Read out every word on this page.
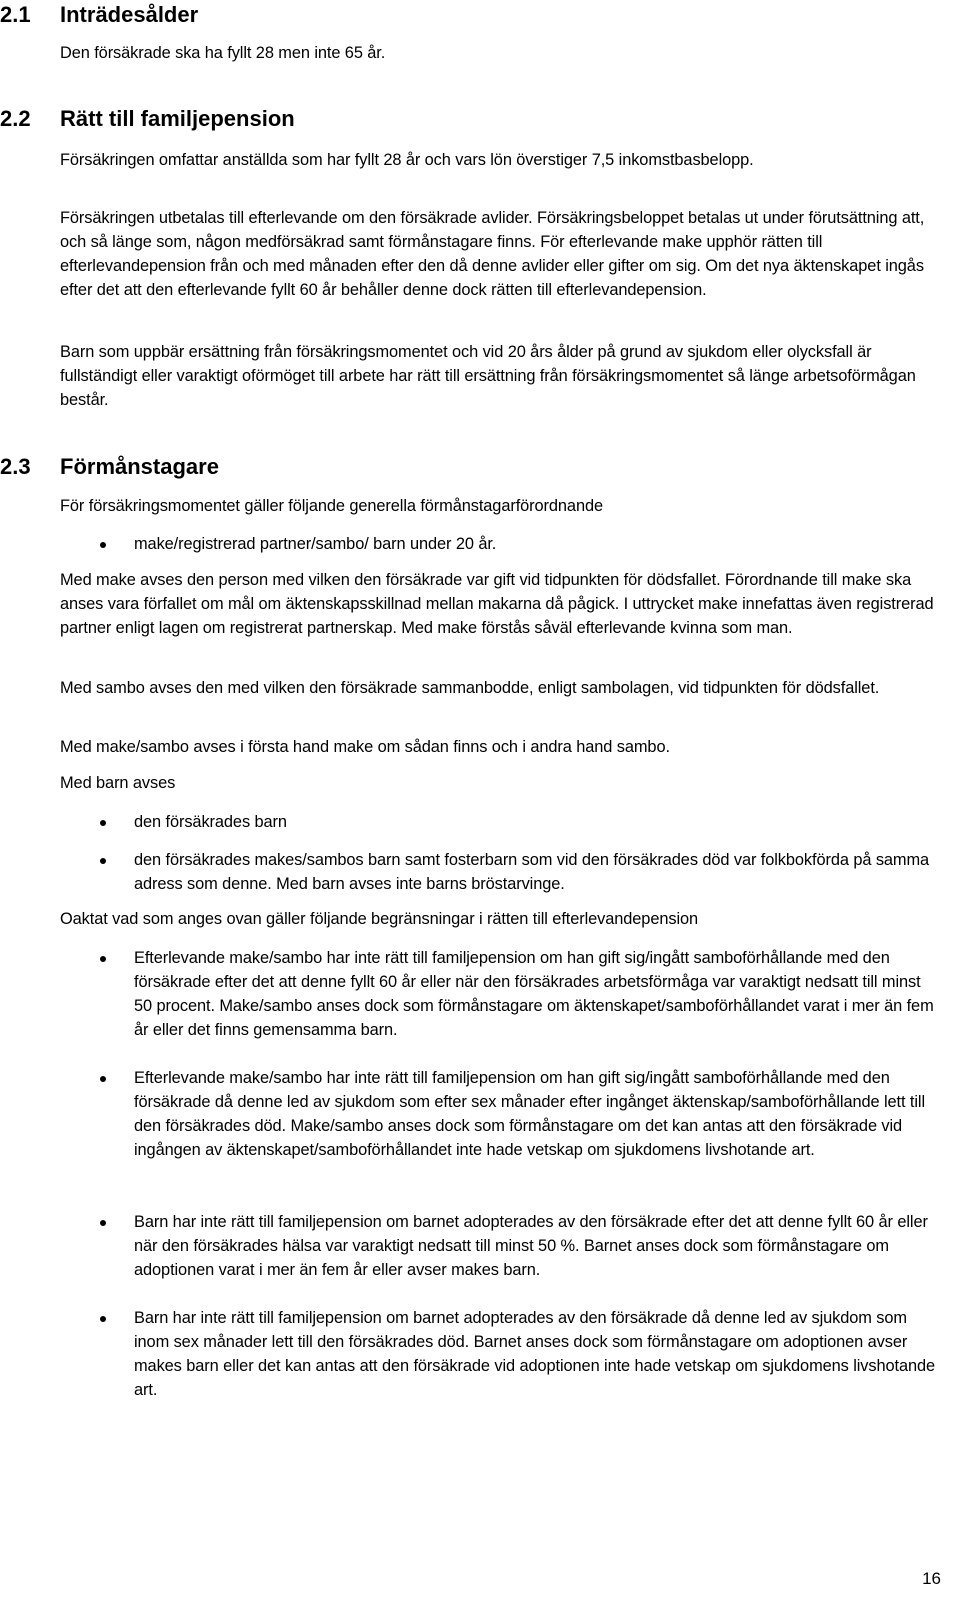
2.1 Inträdesålder

Den försäkrade ska ha fyllt 28 men inte 65 år.

2.2 Rätt till familjepension

Försäkringen omfattar anställda som har fyllt 28 år och vars lön överstiger 7,5 inkomstbasbelopp.

Försäkringen utbetalas till efterlevande om den försäkrade avlider. Försäkringsbeloppet betalas ut under förutsättning att, och så länge som, någon medförsäkrad samt förmånstagare finns. För efterlevande make upphör rätten till efterlevandepension från och med månaden efter den då denne avlider eller gifter om sig. Om det nya äktenskapet ingås efter det att den efterlevande fyllt 60 år behåller denne dock rätten till efterlevandepension.

Barn som uppbär ersättning från försäkringsmomentet och vid 20 års ålder på grund av sjukdom eller olycksfall är fullständigt eller varaktigt oförmöget till arbete har rätt till ersättning från försäkringsmomentet så länge arbetsoförmågan består.

2.3 Förmånstagare

För försäkringsmomentet gäller följande generella förmånstagarförordnande

make/registrerad partner/sambo/ barn under 20 år.

Med make avses den person med vilken den försäkrade var gift vid tidpunkten för dödsfallet. Förordnande till make ska anses vara förfallet om mål om äktenskapsskillnad mellan makarna då pågick. I uttrycket make innefattas även registrerad partner enligt lagen om registrerat partnerskap. Med make förstås såväl efterlevande kvinna som man.

Med sambo avses den med vilken den försäkrade sammanbodde, enligt sambolagen, vid tidpunkten för dödsfallet.

Med make/sambo avses i första hand make om sådan finns och i andra hand sambo.

Med barn avses

den försäkrades barn

den försäkrades makes/sambos barn samt fosterbarn som vid den försäkrades död var folkbokförda på samma adress som denne. Med barn avses inte barns bröstarvinge.

Oaktat vad som anges ovan gäller följande begränsningar i rätten till efterlevandepension

Efterlevande make/sambo har inte rätt till familjepension om han gift sig/ingått samboförhållande med den försäkrade efter det att denne fyllt 60 år eller när den försäkrades arbetsförmåga var varaktigt nedsatt till minst 50 procent. Make/sambo anses dock som förmånstagare om äktenskapet/samboförhållandet varat i mer än fem år eller det finns gemensamma barn.

Efterlevande make/sambo har inte rätt till familjepension om han gift sig/ingått samboförhållande med den försäkrade då denne led av sjukdom som efter sex månader efter ingånget äktenskap/samboförhållande lett till den försäkrades död. Make/sambo anses dock som förmånstagare om det kan antas att den försäkrade vid ingången av äktenskapet/samboförhållandet inte hade vetskap om sjukdomens livshotande art.

Barn har inte rätt till familjepension om barnet adopterades av den försäkrade efter det att denne fyllt 60 år eller när den försäkrades hälsa var varaktigt nedsatt till minst 50 %. Barnet anses dock som förmånstagare om adoptionen varat i mer än fem år eller avser makes barn.

Barn har inte rätt till familjepension om barnet adopterades av den försäkrade då denne led av sjukdom som inom sex månader lett till den försäkrades död. Barnet anses dock som förmånstagare om adoptionen avser makes barn eller det kan antas att den försäkrade vid adoptionen inte hade vetskap om sjukdomens livshotande art.

16
